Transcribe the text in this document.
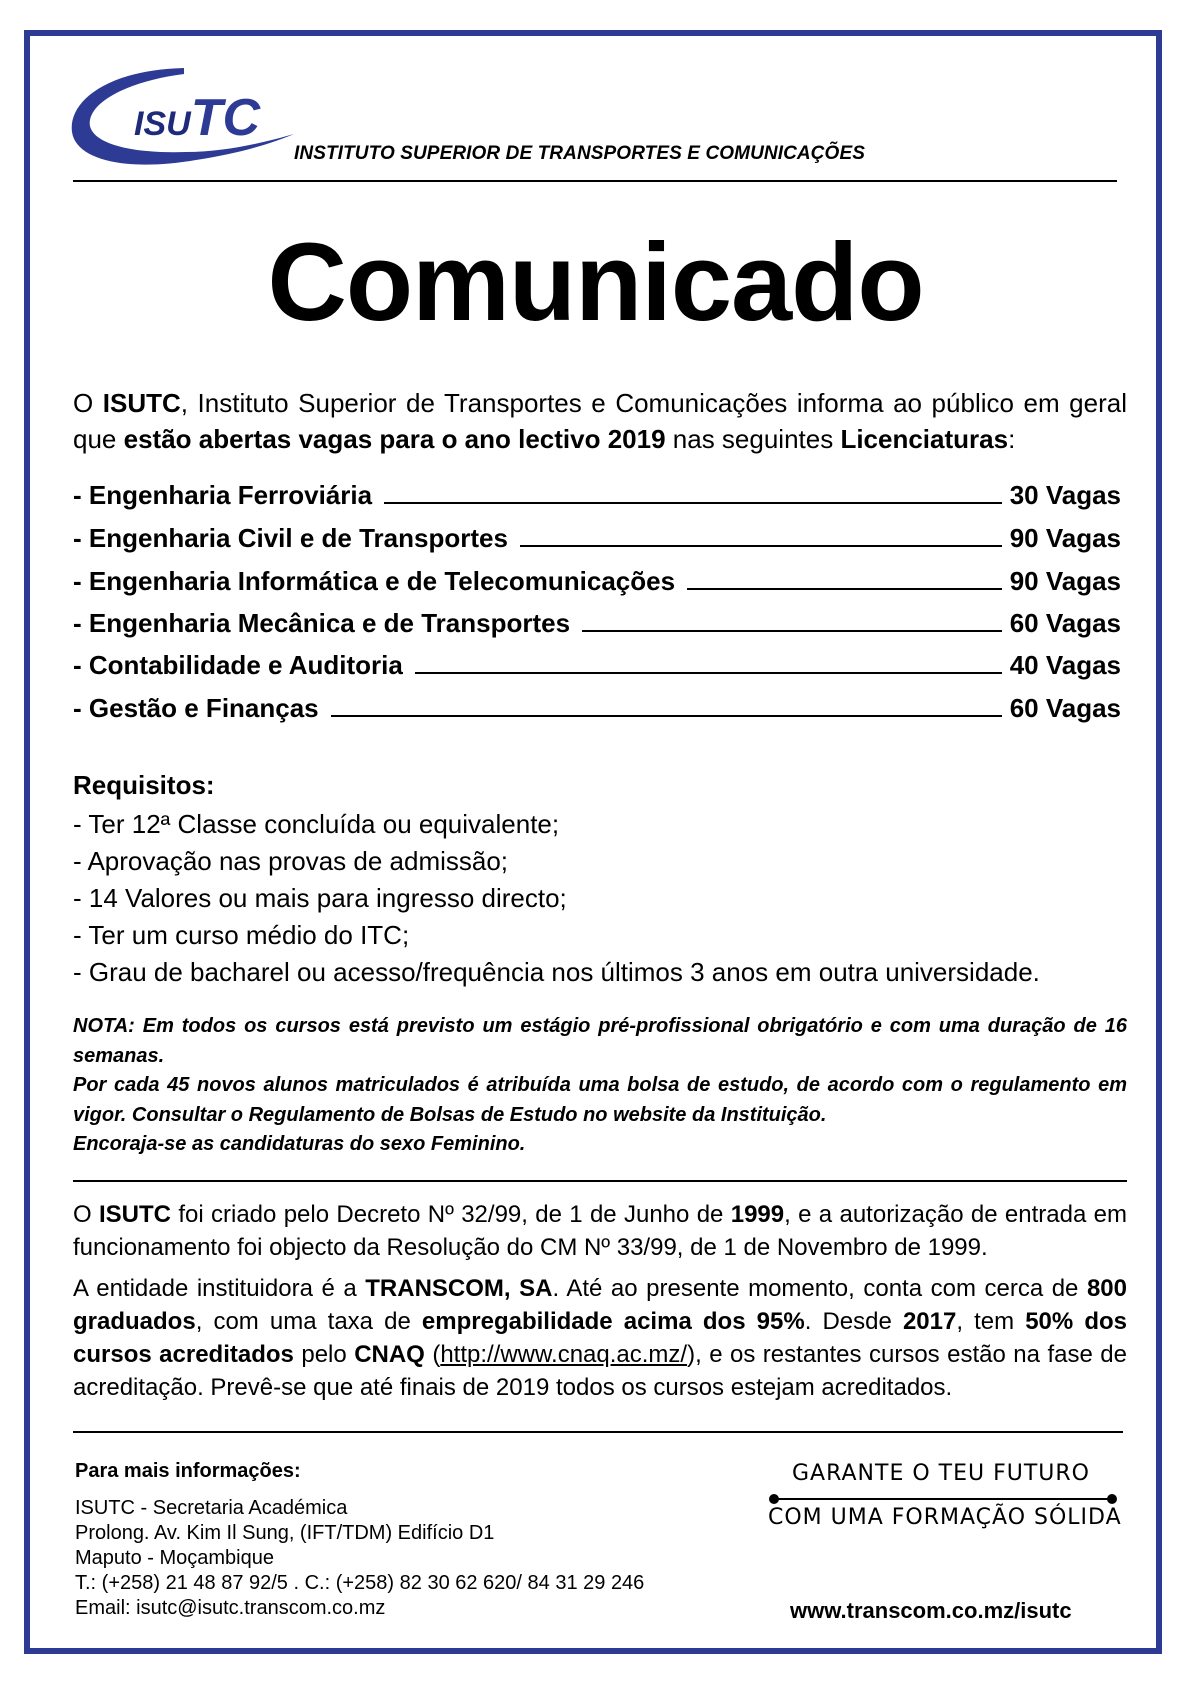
ISUTC
INSTITUTO SUPERIOR DE TRANSPORTES E COMUNICAÇÕES
Comunicado
O ISUTC, Instituto Superior de Transportes e Comunicações informa ao público em geral que estão abertas vagas para o ano lectivo 2019 nas seguintes Licenciaturas:
- Engenharia Ferroviária	30 Vagas
- Engenharia Civil e de Transportes	90 Vagas
- Engenharia Informática e de Telecomunicações	90 Vagas
- Engenharia Mecânica e de Transportes	60 Vagas
- Contabilidade e Auditoria	40 Vagas
- Gestão e Finanças	60 Vagas
Requisitos:
- Ter 12ª Classe concluída ou equivalente;
- Aprovação nas provas de admissão;
- 14 Valores ou mais para ingresso directo;
- Ter um curso médio do ITC;
- Grau de bacharel ou acesso/frequência nos últimos 3 anos em outra universidade.
NOTA: Em todos os cursos está previsto um estágio pré-profissional obrigatório e com uma duração de 16 semanas.
Por cada 45 novos alunos matriculados é atribuída uma bolsa de estudo, de acordo com o regulamento em vigor. Consultar o Regulamento de Bolsas de Estudo no website da Instituição.
Encoraja-se as candidaturas do sexo Feminino.
O ISUTC foi criado pelo Decreto Nº 32/99, de 1 de Junho de 1999, e a autorização de entrada em funcionamento foi objecto da Resolução do CM Nº 33/99, de 1 de Novembro de 1999.
A entidade instituidora é a TRANSCOM, SA. Até ao presente momento, conta com cerca de 800 graduados, com uma taxa de empregabilidade acima dos 95%. Desde 2017, tem 50% dos cursos acreditados pelo CNAQ (http://www.cnaq.ac.mz/), e os restantes cursos estão na fase de acreditação. Prevê-se que até finais de 2019 todos os cursos estejam acreditados.
Para mais informações:
ISUTC - Secretaria Académica
Prolong. Av. Kim Il Sung, (IFT/TDM) Edifício D1
Maputo - Moçambique
T.: (+258) 21 48 87 92/5 . C.: (+258) 82 30 62 620/ 84 31 29 246
Email: isutc@isutc.transcom.co.mz
GARANTE O TEU FUTURO
COM UMA FORMAÇÃO SÓLIDA
www.transcom.co.mz/isutc
